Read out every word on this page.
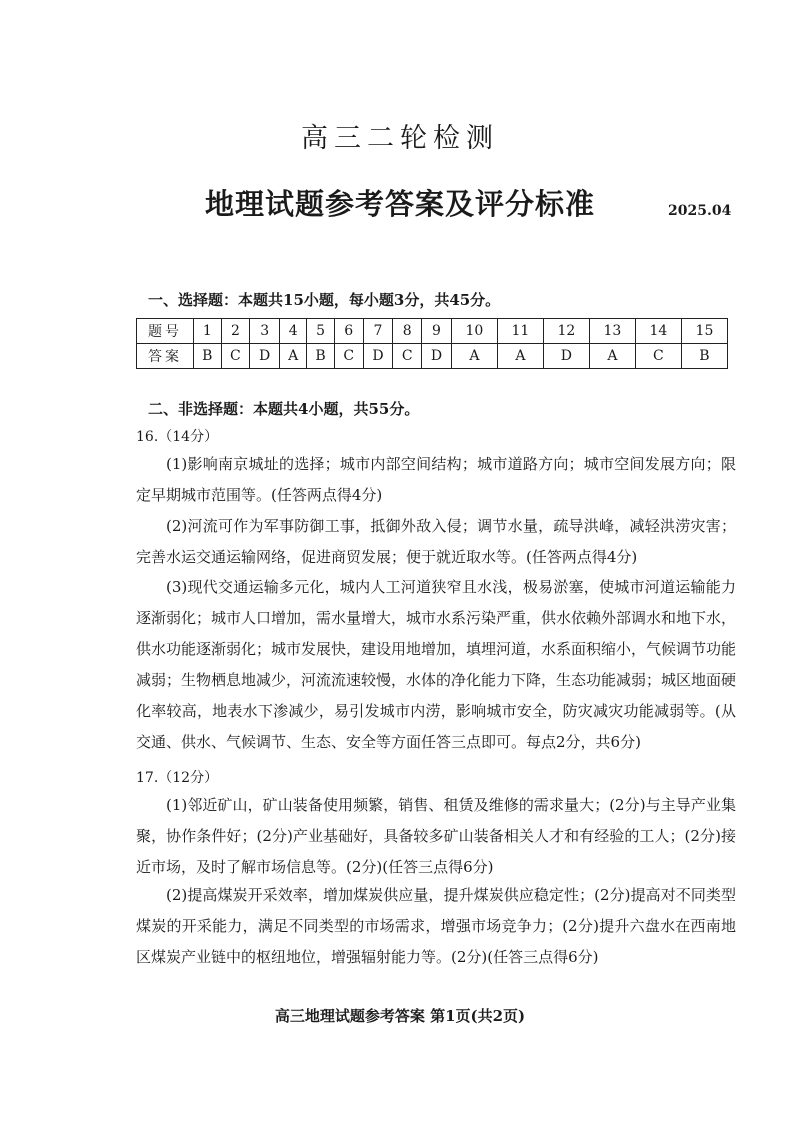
高三二轮检测
地理试题参考答案及评分标准	2025.04
一、选择题：本题共15小题，每小题3分，共45分。
题号	1	2	3	4	5	6	7	8	9	10	11	12	13	14	15
答案	B	C	D	A	B	C	D	C	D	A	A	D	A	C	B
二、非选择题：本题共4小题，共55分。
16.（14分）
(1)影响南京城址的选择；城市内部空间结构；城市道路方向；城市空间发展方向；限定早期城市范围等。(任答两点得4分)
(2)河流可作为军事防御工事，抵御外敌入侵；调节水量，疏导洪峰，减轻洪涝灾害；完善水运交通运输网络，促进商贸发展；便于就近取水等。(任答两点得4分)
(3)现代交通运输多元化，城内人工河道狭窄且水浅，极易淤塞，使城市河道运输能力逐渐弱化；城市人口增加，需水量增大，城市水系污染严重，供水依赖外部调水和地下水，供水功能逐渐弱化；城市发展快，建设用地增加，填埋河道，水系面积缩小，气候调节功能减弱；生物栖息地减少，河流流速较慢，水体的净化能力下降，生态功能减弱；城区地面硬化率较高，地表水下渗减少，易引发城市内涝，影响城市安全，防灾减灾功能减弱等。(从交通、供水、气候调节、生态、安全等方面任答三点即可。每点2分，共6分)
17.（12分）
(1)邻近矿山，矿山装备使用频繁，销售、租赁及维修的需求量大；(2分)与主导产业集聚，协作条件好；(2分)产业基础好，具备较多矿山装备相关人才和有经验的工人；(2分)接近市场，及时了解市场信息等。(2分)(任答三点得6分)
(2)提高煤炭开采效率，增加煤炭供应量，提升煤炭供应稳定性；(2分)提高对不同类型煤炭的开采能力，满足不同类型的市场需求，增强市场竞争力；(2分)提升六盘水在西南地区煤炭产业链中的枢纽地位，增强辐射能力等。(2分)(任答三点得6分)
高三地理试题参考答案 第1页(共2页)
